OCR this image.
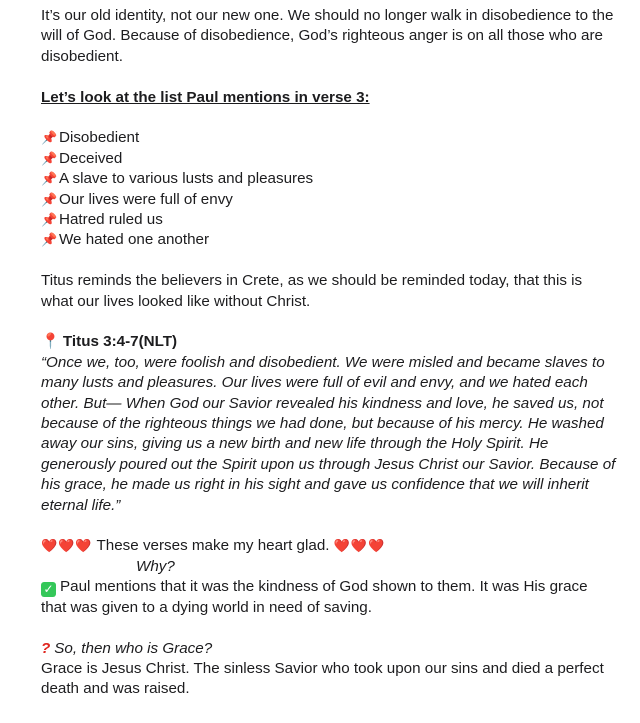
It’s our old identity, not our new one. We should no longer walk in disobedience to the will of God. Because of disobedience, God’s righteous anger is on all those who are disobedient.

Let’s look at the list Paul mentions in verse 3:

📌 Disobedient
📌 Deceived
📌 A slave to various lusts and pleasures
📌 Our lives were full of envy
📌 Hatred ruled us
📌 We hated one another

Titus reminds the believers in Crete, as we should be reminded today, that this is what our lives looked like without Christ.

📍 Titus 3:4-7(NLT)

“Once we, too, were foolish and disobedient. We were misled and became slaves to many lusts and pleasures. Our lives were full of evil and envy, and we hated each other. But— When God our Savior revealed his kindness and love, he saved us, not because of the righteous things we had done, but because of his mercy. He washed away our sins, giving us a new birth and new life through the Holy Spirit. He generously poured out the Spirit upon us through Jesus Christ our Savior. Because of his grace, he made us right in his sight and gave us confidence that we will inherit eternal life.”

❤️❤️❤️ These verses make my heart glad. ❤️❤️❤️

Why?

✓ Paul mentions that it was the kindness of God shown to them. It was His grace that was given to a dying world in need of saving.

? So, then who is Grace?

Grace is Jesus Christ. The sinless Savior who took upon our sins and died a perfect death and was raised.
